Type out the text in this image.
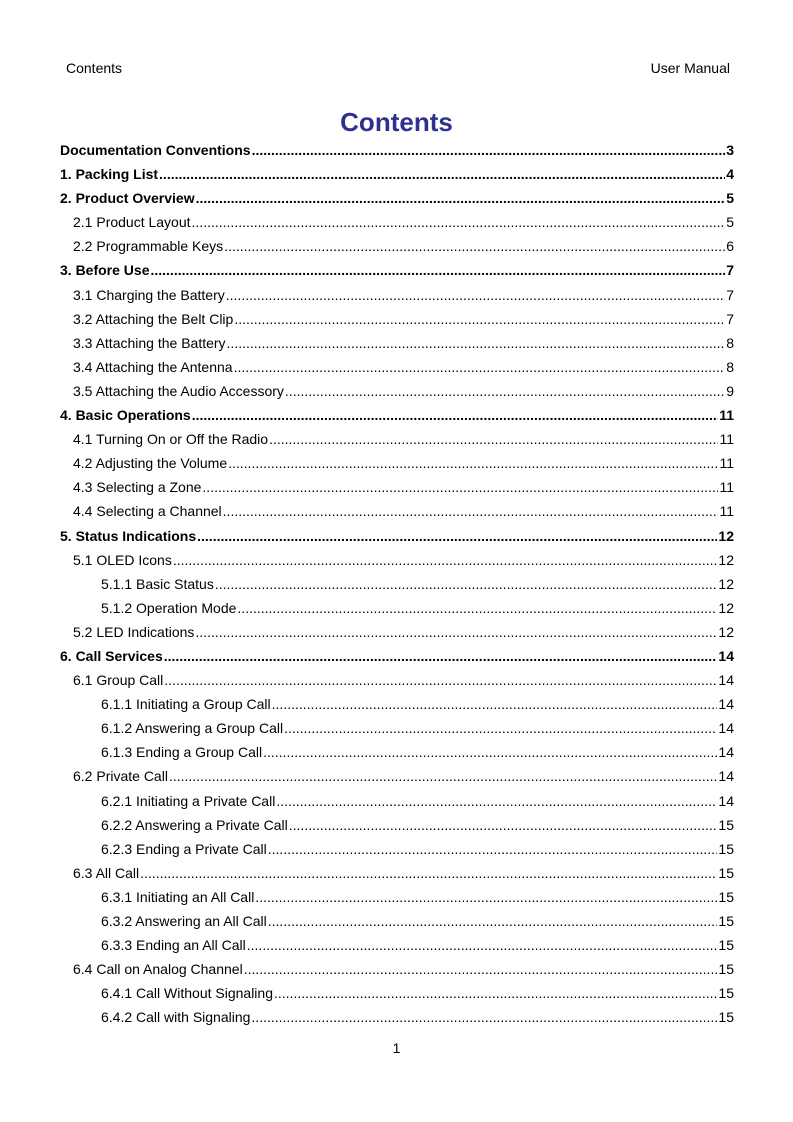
Contents	User Manual
Contents
Documentation Conventions .....	3
1. Packing List .....	4
2. Product Overview .....	5
2.1 Product Layout .....	5
2.2 Programmable Keys .....	6
3. Before Use .....	7
3.1 Charging the Battery .....	7
3.2 Attaching the Belt Clip .....	7
3.3 Attaching the Battery .....	8
3.4 Attaching the Antenna .....	8
3.5 Attaching the Audio Accessory .....	9
4. Basic Operations .....	11
4.1 Turning On or Off the Radio .....	11
4.2 Adjusting the Volume .....	11
4.3 Selecting a Zone .....	11
4.4 Selecting a Channel .....	11
5. Status Indications .....	12
5.1 OLED Icons .....	12
5.1.1 Basic Status .....	12
5.1.2 Operation Mode .....	12
5.2 LED Indications .....	12
6. Call Services .....	14
6.1 Group Call .....	14
6.1.1 Initiating a Group Call .....	14
6.1.2 Answering a Group Call .....	14
6.1.3 Ending a Group Call .....	14
6.2 Private Call .....	14
6.2.1 Initiating a Private Call .....	14
6.2.2 Answering a Private Call .....	15
6.2.3 Ending a Private Call .....	15
6.3 All Call .....	15
6.3.1 Initiating an All Call .....	15
6.3.2 Answering an All Call .....	15
6.3.3 Ending an All Call .....	15
6.4 Call on Analog Channel .....	15
6.4.1 Call Without Signaling .....	15
6.4.2 Call with Signaling .....	15
1
